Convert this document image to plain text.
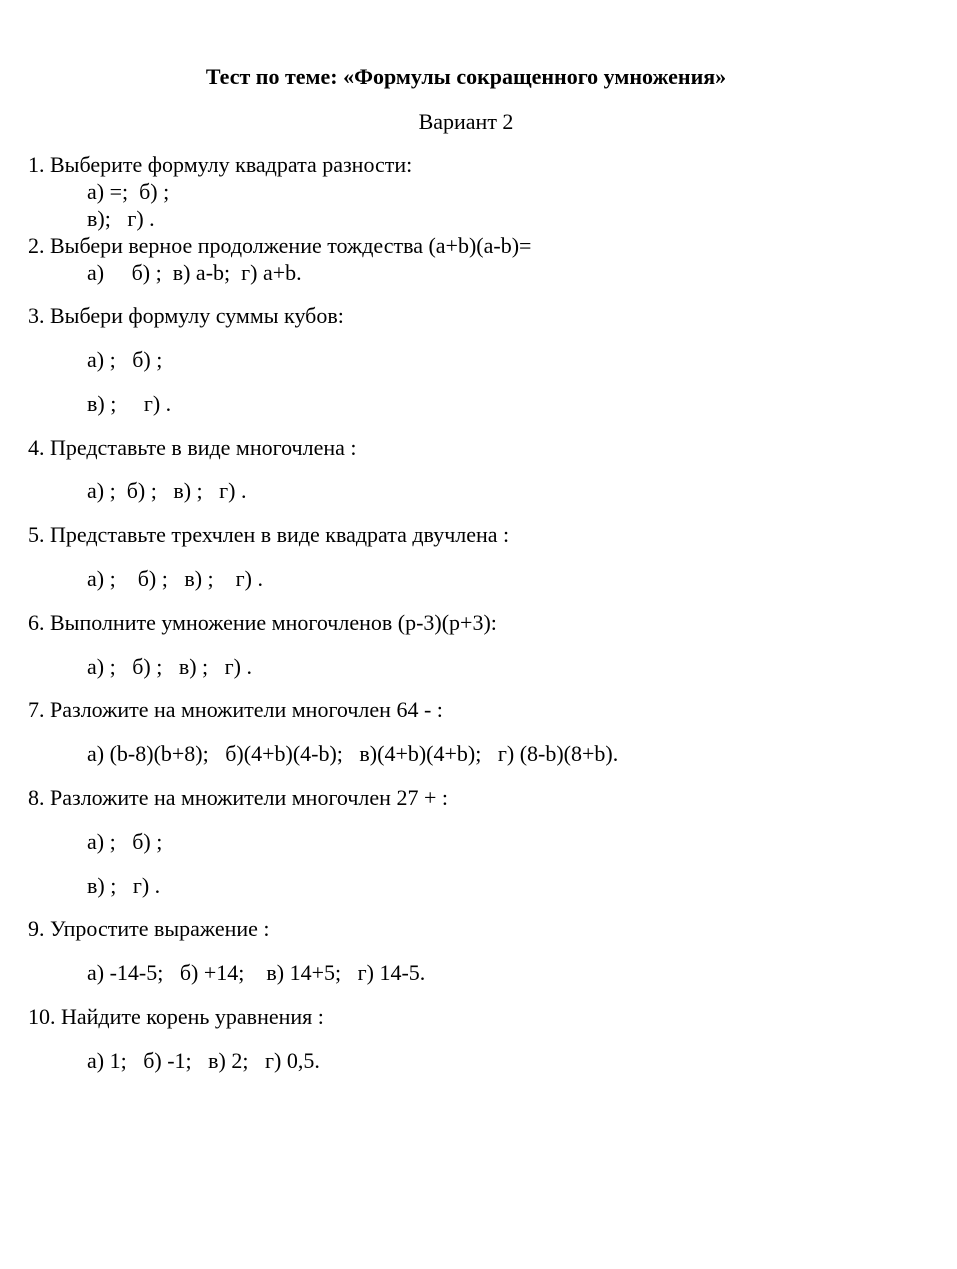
Тест по теме: «Формулы сокращенного умножения»
Вариант 2
1. Выберите формулу квадрата разности:
а) =;  б) ;
в);   г) .
2. Выбери верное продолжение тождества (a+b)(a-b)=
а)     б) ;  в) a-b;  г) a+b.
3. Выбери формулу суммы кубов:
а) ;   б) ;
в) ;     г) .
4. Представьте в виде многочлена :
а) ;  б) ;   в) ;   г) .
5. Представьте трехчлен в виде квадрата двучлена :
а) ;    б) ;   в) ;    г) .
6. Выполните умножение многочленов (p-3)(p+3):
а) ;   б) ;   в) ;   г) .
7. Разложите на множители многочлен 64 - :
а) (b-8)(b+8);   б)(4+b)(4-b);   в)(4+b)(4+b);   г) (8-b)(8+b).
8. Разложите на множители многочлен 27 + :
а) ;   б) ;
в) ;   г) .
9. Упростите выражение :
а) -14-5;   б) +14;    в) 14+5;   г) 14-5.
10. Найдите корень уравнения :
а) 1;   б) -1;   в) 2;   г) 0,5.
